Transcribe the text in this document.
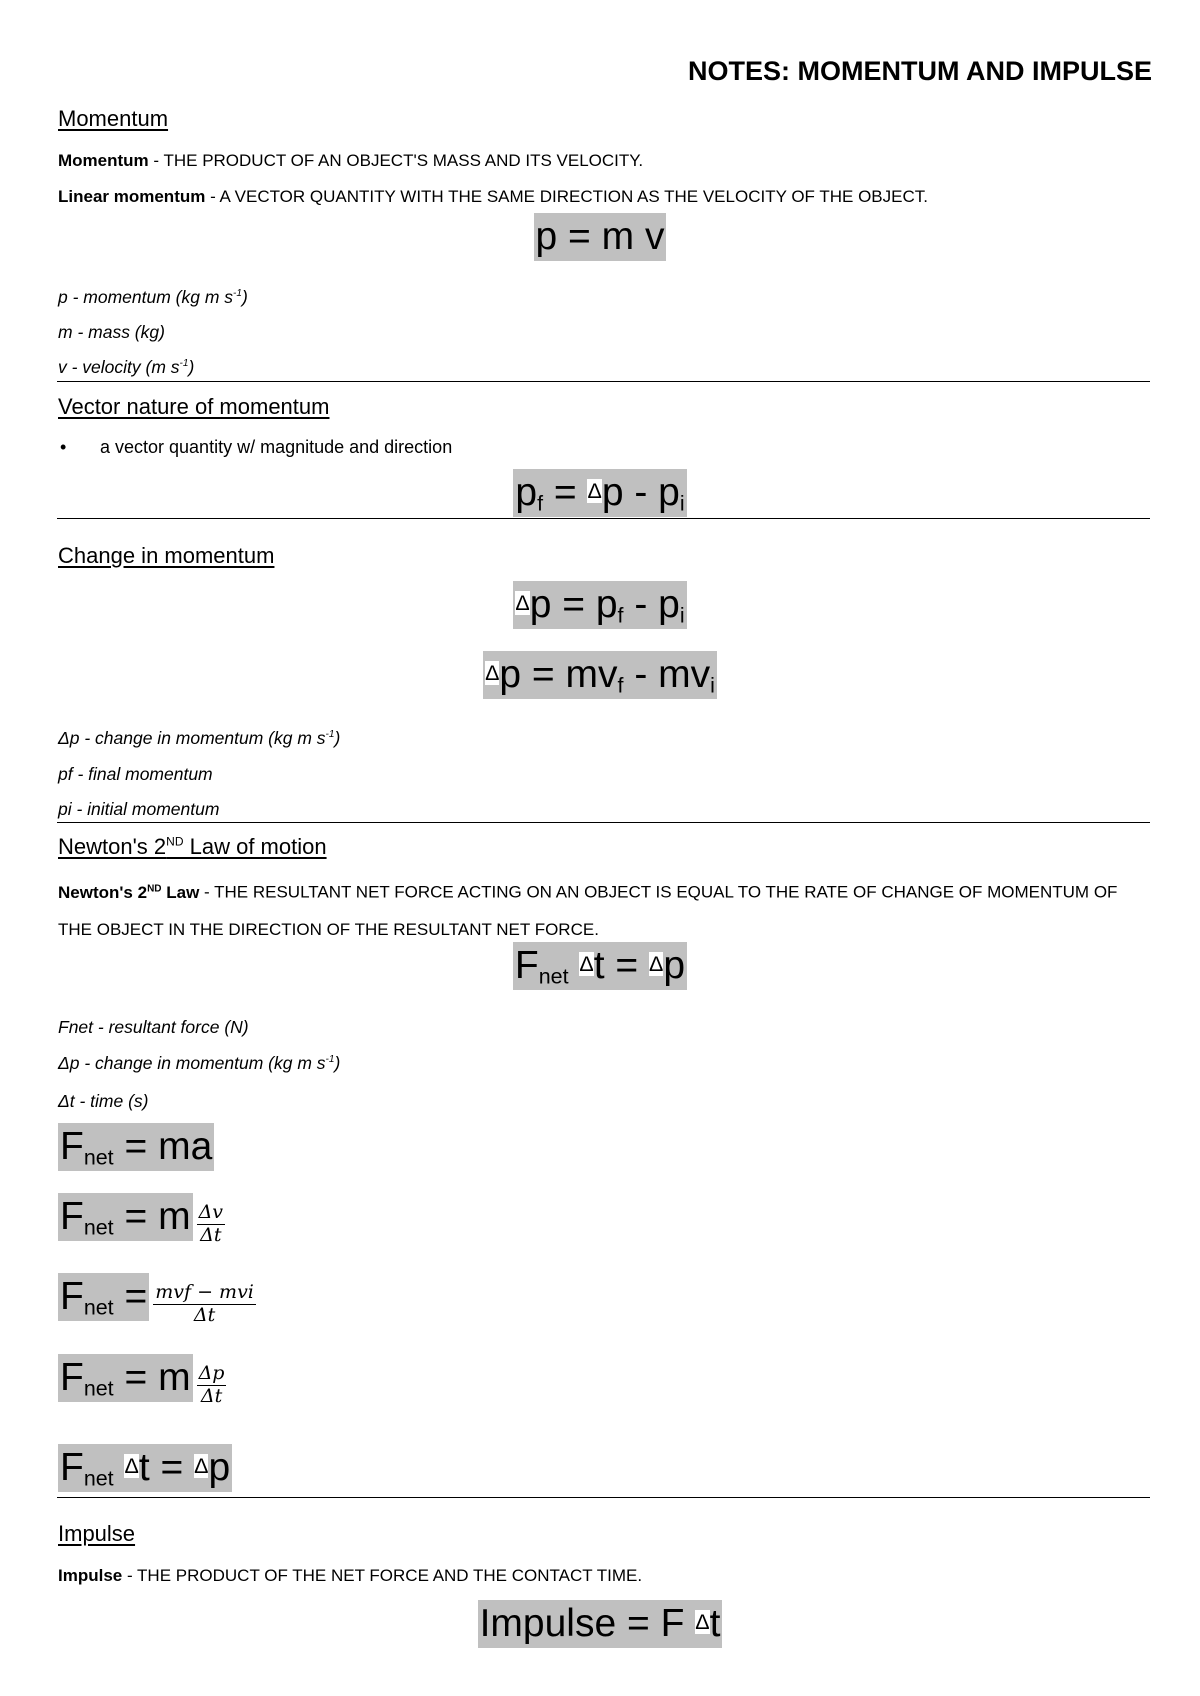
NOTES: MOMENTUM AND IMPULSE
Momentum
Momentum - THE PRODUCT OF AN OBJECT'S MASS AND ITS VELOCITY.
Linear momentum - A VECTOR QUANTITY WITH THE SAME DIRECTION AS THE VELOCITY OF THE OBJECT.
p = m v
p - momentum (kg m $s^{-1}$)
m - mass (kg)
v - velocity (m $s^{-1}$)
Vector nature of momentum
• a vector quantity w/ magnitude and direction
$p_f = \Delta p - p_i$
Change in momentum
$\Delta p = p_f - p_i$
$\Delta p = mv_f - mv_i$
Δp - change in momentum (kg m $s^{-1}$)
pf - final momentum
pi - initial momentum
Newton's 2ND Law of motion
Newton's 2ND Law - THE RESULTANT NET FORCE ACTING ON AN OBJECT IS EQUAL TO THE RATE OF CHANGE OF MOMENTUM OF THE OBJECT IN THE DIRECTION OF THE RESULTANT NET FORCE.
$F_{net}$ Δt = Δp
Fnet - resultant force (N)
Δp - change in momentum (kg m $s^{-1}$)
Δt - time (s)
$F_{net}$ = ma
$F_{net} = m \frac{\Delta v}{\Delta t}$
$F_{net} = \frac{\text{mvf − mvi}}{\Delta t}$
$F_{net} = m \frac{\Delta p}{\Delta t}$
$F_{net}$ Δt = Δp
Impulse
Impulse - THE PRODUCT OF THE NET FORCE AND THE CONTACT TIME.
Impulse = F Δt
